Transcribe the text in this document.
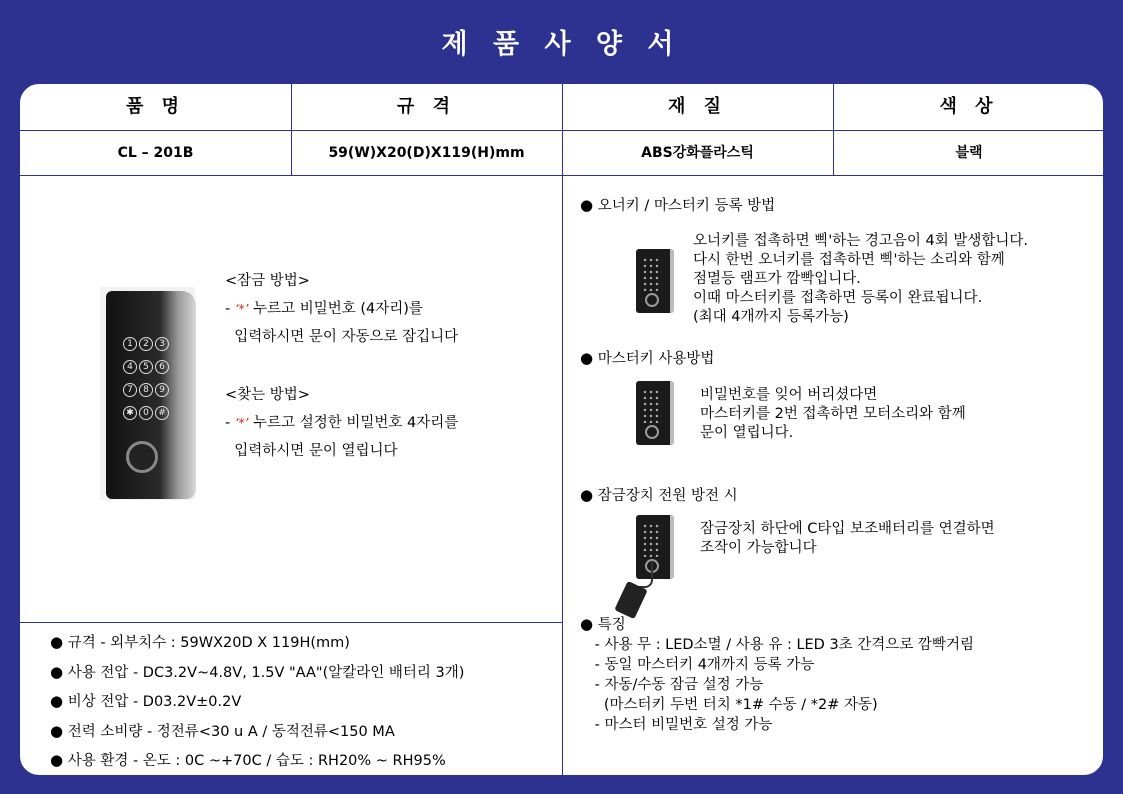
제 품 사 양 서
품 명	규 격	재 질	색 상
CL – 201B	59(W)X20(D)X119(H)mm	ABS강화플라스틱	블랙
1 2 3 4 5 6 7 8 9 ✱ 0 #
<잠금 방법>
- ‘*’ 누르고 비밀번호 (4자리)를
입력하시면 문이 자동으로 잠깁니다
<찾는 방법>
- ‘*’ 누르고 설정한 비밀번호 4자리를
입력하시면 문이 열립니다
● 규격 - 외부치수 : 59WX20D X 119H(mm)
● 사용 전압 - DC3.2V~4.8V, 1.5V "AA"(알칼라인 배터리 3개)
● 비상 전압 - D03.2V±0.2V
● 전력 소비량 - 정전류<30 u A / 동적전류<150 MA
● 사용 환경 - 온도 : 0C ~+70C / 습도 : RH20% ~ RH95%
● 오너키 / 마스터키 등록 방법
오너키를 접촉하면 삑'하는 경고음이 4회 발생합니다.
다시 한번 오너키를 접촉하면 삑'하는 소리와 함께
점멸등 램프가 깜빡입니다.
이때 마스터키를 접촉하면 등록이 완료됩니다.
(최대 4개까지 등록가능)
● 마스터키 사용방법
비밀번호를 잊어 버리셨다면
마스터키를 2번 접촉하면 모터소리와 함께
문이 열립니다.
● 잠금장치 전원 방전 시
잠금장치 하단에 C타입 보조배터리를 연결하면
조작이 가능합니다
● 특징
- 사용 무 : LED소멸 / 사용 유 : LED 3초 간격으로 깜빡거림
- 동일 마스터키 4개까지 등록 가능
- 자동/수동 잠금 설정 가능
(마스터키 두번 터치 *1# 수동 / *2# 자동)
- 마스터 비밀번호 설정 가능
